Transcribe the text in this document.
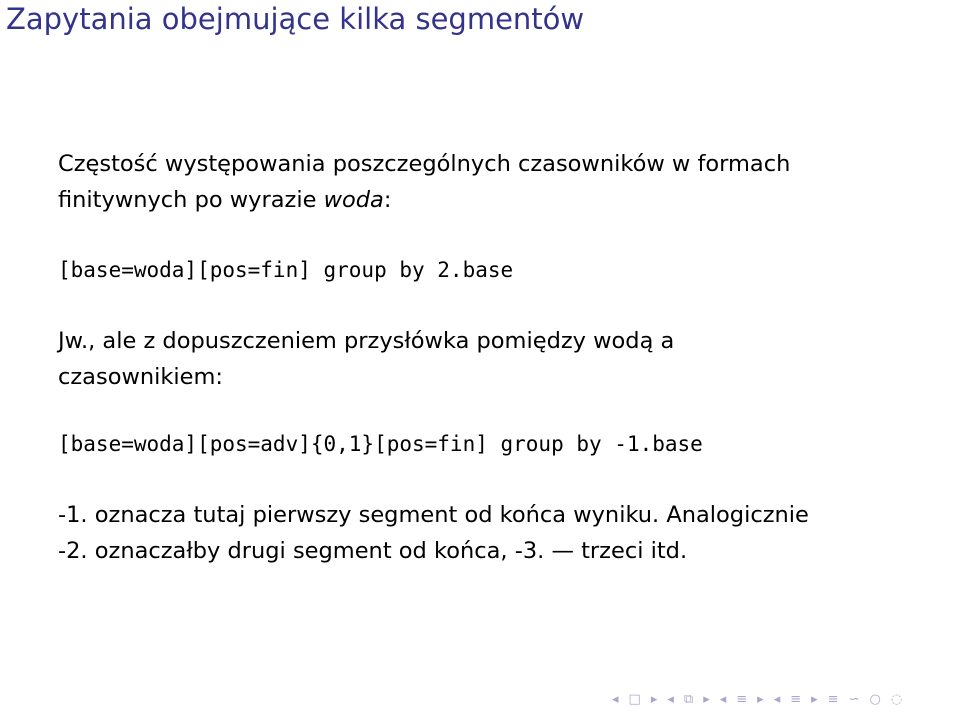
Zapytania obejmujące kilka segmentów
Częstość występowania poszczególnych czasowników w formach
finitywnych po wyrazie woda:
[base=woda][pos=fin] group by 2.base
Jw., ale z dopuszczeniem przysłówka pomiędzy wodą a
czasownikiem:
[base=woda][pos=adv]{0,1}[pos=fin] group by -1.base
-1. oznacza tutaj pierwszy segment od końca wyniku. Analogicznie
-2. oznaczałby drugi segment od końca, -3. — trzeci itd.
◂ □ ▸ ◂ ⧉ ▸ ◂ ≡ ▸ ◂ ≡ ▸ ≡ ∽ ○ ◌
